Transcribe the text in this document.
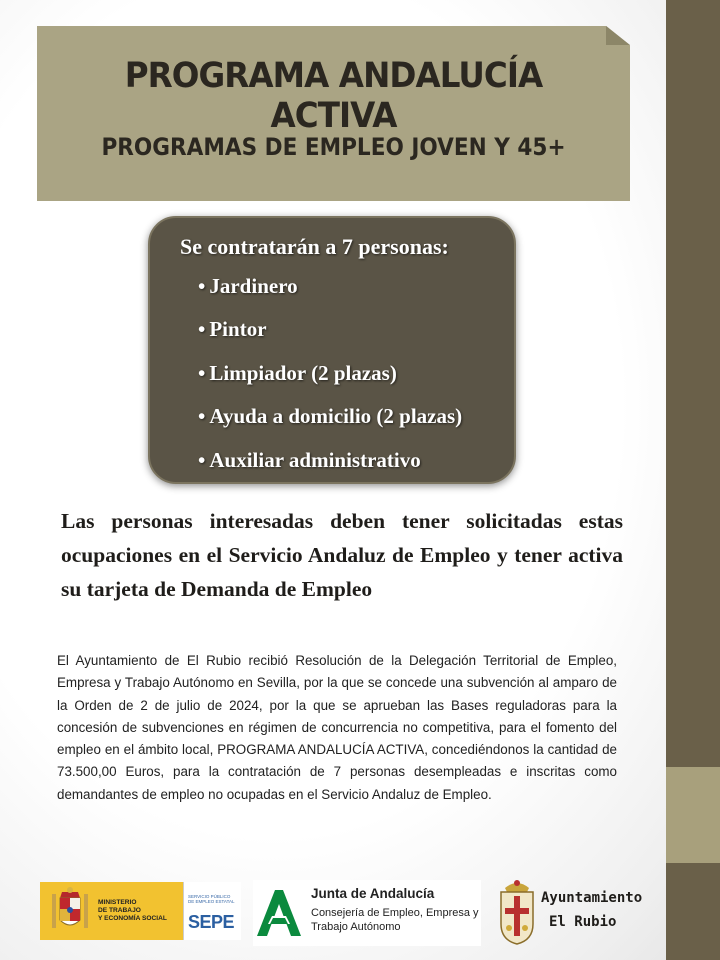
PROGRAMA ANDALUCÍA ACTIVA
PROGRAMAS DE EMPLEO JOVEN Y 45+
Se contratarán a 7 personas:
• Jardinero
• Pintor
• Limpiador (2 plazas)
• Ayuda a domicilio (2 plazas)
• Auxiliar administrativo
Las personas interesadas deben tener solicitadas estas ocupaciones en el Servicio Andaluz de Empleo y tener activa su tarjeta de Demanda de Empleo
El Ayuntamiento de El Rubio recibió Resolución de la Delegación Territorial de Empleo, Empresa y Trabajo Autónomo en Sevilla, por la que se concede una subvención al amparo de la Orden de 2 de julio de 2024, por la que se aprueban las Bases reguladoras para la concesión de subvenciones en régimen de concurrencia no competitiva, para el fomento del empleo en el ámbito local, PROGRAMA ANDALUCÍA ACTIVA, concediéndonos la cantidad de 73.500,00 Euros, para la contratación de 7 personas desempleadas e inscritas como demandantes de empleo no ocupadas en el Servicio Andaluz de Empleo.
MINISTERIO
DE TRABAJO
Y ECONOMÍA SOCIAL
SERVICIO PÚBLICO
DE EMPLEO ESTATAL
SEPE
Junta de Andalucía
Consejería de Empleo, Empresa y Trabajo Autónomo
Ayuntamiento
El Rubio
